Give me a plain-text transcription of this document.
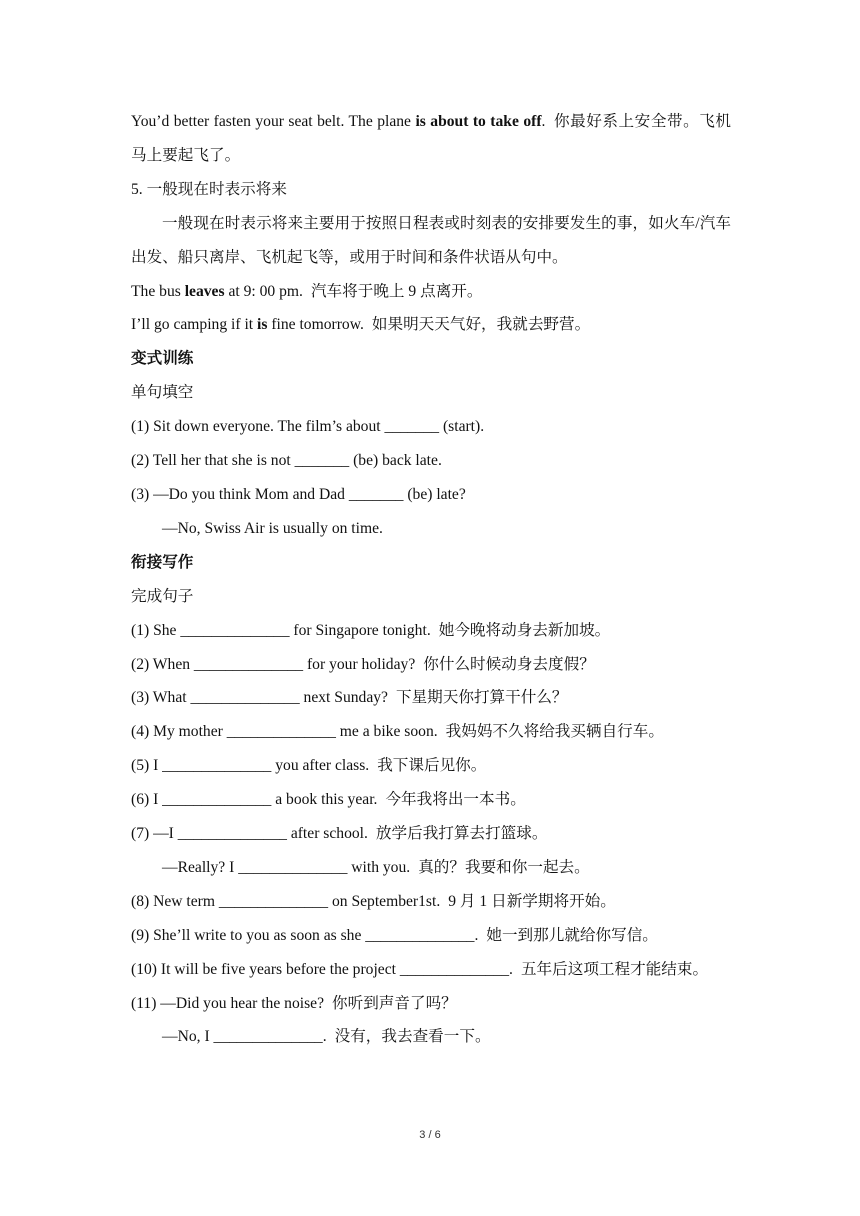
You’d better fasten your seat belt. The plane is about to take off. 你最好系上安全带。飞机马上要起飞了。
5. 一般现在时表示将来
一般现在时表示将来主要用于按照日程表或时刻表的安排要发生的事，如火车/汽车出发、船只离岸、飞机起飞等，或用于时间和条件状语从句中。
The bus leaves at 9: 00 pm. 汽车将于晚上 9 点离开。
I’ll go camping if it is fine tomorrow. 如果明天天气好，我就去野营。
变式训练
单句填空
(1) Sit down everyone. The film’s about _______ (start).
(2) Tell her that she is not _______ (be) back late.
(3) —Do you think Mom and Dad _______ (be) late?
—No, Swiss Air is usually on time.
衔接写作
完成句子
(1) She ______________ for Singapore tonight. 她今晚将动身去新加坡。
(2) When ______________ for your holiday? 你什么时候动身去度假？
(3) What ______________ next Sunday? 下星期天你打算干什么？
(4) My mother ______________ me a bike soon. 我妈妈不久将给我买辆自行车。
(5) I ______________ you after class. 我下课后见你。
(6) I ______________ a book this year. 今年我将出一本书。
(7) —I ______________ after school. 放学后我打算去打篮球。
—Really? I ______________ with you. 真的？我要和你一起去。
(8) New term ______________ on September1st. 9 月 1 日新学期将开始。
(9) She’ll write to you as soon as she ______________. 她一到那儿就给你写信。
(10) It will be five years before the project ______________. 五年后这项工程才能结束。
(11) —Did you hear the noise? 你听到声音了吗？
—No, I ______________. 没有，我去查看一下。
3 / 6
